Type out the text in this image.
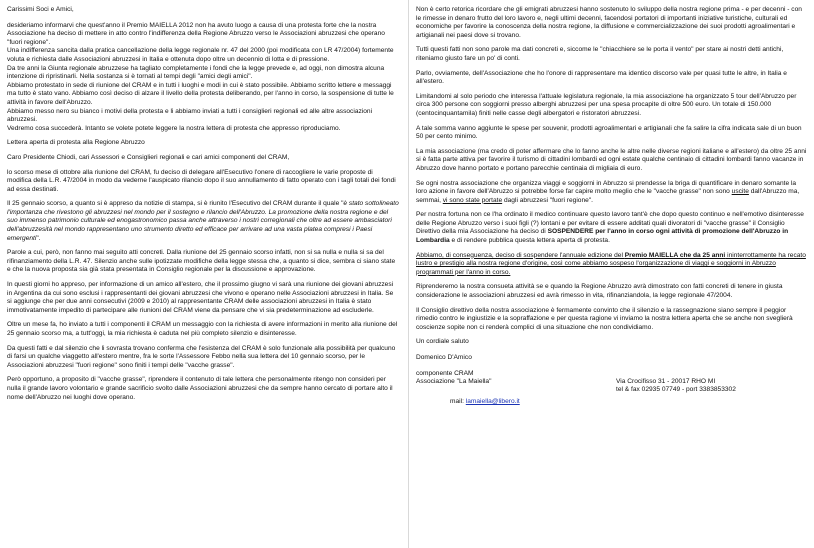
Carissimi Soci e Amici,

desideriamo informarvi che quest'anno il Premio MAIELLA 2012 non ha avuto luogo a causa di una protesta forte che la nostra Associazione ha deciso di mettere in atto contro l'indifferenza della Regione Abruzzo verso le Associazioni abruzzesi che operano "fuori regione".

Una indifferenza sancita dalla pratica cancellazione della legge regionale nr. 47 del 2000 (poi modificata con LR 47/2004) fortemente voluta e richiesta dalle Associazioni abruzzesi in Italia e ottenuta dopo oltre un decennio di lotta e di pressione.

Da tre anni la Giunta regionale abruzzese ha tagliato completamente i fondi che la legge prevede e, ad oggi, non dimostra alcuna intenzione di ripristinarli. Nella sostanza si è tornati al tempi degli "amici degli amici".

Abbiamo protestato in sede di riunione del CRAM e in tutti i luoghi e modi in cui è stato possibile. Abbiamo scritto lettere e messaggi ma tutto è stato vano. Abbiamo così deciso di alzare il livello della protesta deliberando, per l'anno in corso, la sospensione di tutte le attività in favore dell'Abruzzo.

Abbiamo messo nero su bianco i motivi della protesta e li abbiamo inviati a tutti i consiglieri regionali ed alle altre associazioni abruzzesi.

Vedremo cosa succederà. Intanto se volete potete leggere la nostra lettera di protesta che appresso riproduciamo.

Lettera aperta di protesta alla Regione Abruzzo

Caro Presidente Chiodi, cari Assessori e Consiglieri regionali e cari amici componenti del CRAM,

lo scorso mese di ottobre alla riunione del CRAM, fu deciso di delegare all'Esecutivo l'onere di raccogliere le varie proposte di modifica della L.R. 47/2004 in modo da vederne l'auspicato rilancio dopo il suo annullamento di fatto operato con i tagli totali dei fondi ad essa destinati.

Il 25 gennaio scorso, a quanto si è appreso da notizie di stampa, si è riunito l'Esecutivo del CRAM durante il quale "è stato sottolineato l'importanza che rivestono gli abruzzesi nel mondo per il sostegno e rilancio dell'Abruzzo. La promozione della nostra regione e del suo immenso patrimonio culturale ed enogastronomico passa anche attraverso i nostri corregionali che oltre ad essere ambasciatori dell'abruzzesità nel mondo rappresentano uno strumento diretto ed efficace per arrivare ad una vasta platea compresi i Paesi emergenti".

Parole a cui, però, non fanno mai seguito atti concreti. Dalla riunione del 25 gennaio scorso infatti, non si sa nulla e nulla si sa del rifinanziamento della L.R. 47. Silenzio anche sulle ipotizzate modifiche della legge stessa che, a quanto si dice, sembra ci siano state e che la nuova proposta sia già stata presentata in Consiglio regionale per la discussione e approvazione.

In questi giorni ho appreso, per informazione di un amico all'estero, che il prossimo giugno vi sarà una riunione dei giovani abruzzesi in Argentina da cui sono esclusi i rappresentanti dei giovani abruzzesi che vivono e operano nelle Associazioni abruzzesi in Italia. Se si aggiunge che per due anni consecutivi (2009 e 2010) al rappresentante CRAM delle associazioni abruzzesi in Italia è stato immotivatamente impedito di partecipare alle riunioni del CRAM viene da pensare che vi sia predeterminazione ad escluderle.

Oltre un mese fa, ho inviato a tutti i componenti il CRAM un messaggio con la richiesta di avere informazioni in merito alla riunione del 25 gennaio scorso ma, a tutt'oggi, la mia richiesta è caduta nel più completo silenzio e disinteresse.

Da questi fatti e dal silenzio che li sovrasta trovano conferma che l'esistenza del CRAM è solo funzionale alla possibilità per qualcuno di farsi un qualche viaggetto all'estero mentre, fra le sorte l'Assessore Febbo nella sua lettera del 10 gennaio scorso, per le Associazioni abruzzesi "fuori regione" sono finiti i tempi delle "vacche grasse".

Però opportuno, a proposito di "vacche grasse", riprendere il contenuto di tale lettera che personalmente ritengo non consideri per nulla il grande lavoro volontario e grande sacrificio svolto dalle Associazioni abruzzesi che da sempre hanno cercato di portare alto il nome dell'Abruzzo nei luoghi dove operano.

Non è certo retorica ricordare che gli emigrati abruzzesi hanno sostenuto lo sviluppo della nostra regione prima - e per decenni - con le rimesse in denaro frutto del loro lavoro e, negli ultimi decenni, facendosi portatori di importanti iniziative turistiche, culturali ed economiche per favorire la conoscenza della nostra regione, la diffusione e commercializzazione dei suoi prodotti agroalimentari e artigianali nei paesi dove si trovano.

Tutti questi fatti non sono parole ma dati concreti e, siccome le "chiacchiere se le porta il vento" per stare ai nostri detti antichi, riteniamo giusto fare un po' di conti.

Parlo, ovviamente, dell'Associazione che ho l'onore di rappresentare ma identico discorso vale per quasi tutte le altre, in Italia e all'estero.

Limitandomi al solo periodo che interessa l'attuale legislatura regionale, la mia associazione ha organizzato 5 tour dell'Abruzzo per circa 300 persone con soggiorni presso alberghi abruzzesi per una spesa procapite di oltre 500 euro. Un totale di 150.000 (centocinquantamila) finiti nelle casse degli albergatori e ristoratori abruzzesi.

A tale somma vanno aggiunte le spese per souvenir, prodotti agroalimentari e artigianali che fa salire la cifra indicata sale di un buon 50 per cento minimo.

La mia associazione (ma credo di poter affermare che lo fanno anche le altre nelle diverse regioni italiane e all'estero) da oltre 25 anni si è fatta parte attiva per favorire il turismo di cittadini lombardi ed ogni estate qualche centinaio di cittadini lombardi fanno vacanze in Abruzzo dove hanno portato e portano parecchie centinaia di migliaia di euro.

Se ogni nostra associazione che organizza viaggi e soggiorni in Abruzzo si prendesse la briga di quantificare in denaro somante la loro azione in favore dell'Abruzzo si potrebbe forse far capire molto meglio che le "vacche grasse" non sono uscite dall'Abruzzo ma, semmai, vi sono state portate dagli abruzzesi "fuori regione".

Per nostra fortuna non ce l'ha ordinato il medico continuare questo lavoro tant'è che dopo questo continuo e nell'emotivo disinteresse delle Regione Abruzzo verso i suoi figli (?) lontani e per evitare di essere additati quali divoratori di "vacche grasse" il Consiglio Direttivo della mia Associazione ha deciso di SOSPENDERE per l'anno in corso ogni attività di promozione dell'Abruzzo in Lombardia e di rendere pubblica questa lettera aperta di protesta.

Abbiamo, di conseguenza, deciso di sospendere l'annuale edizione del Premio MAIELLA che da 25 anni ininterrottamente ha recato lustro e prestigio alla nostra regione d'origine, così come abbiamo sospeso l'organizzazione di viaggi e soggiorni in Abruzzo programmati per l'anno in corso.

Riprenderemo la nostra consueta attività se e quando la Regione Abruzzo avrà dimostrato con fatti concreti di tenere in giusta considerazione le associazioni abruzzesi ed avrà rimesso in vita, rifinanziandola, la legge regionale 47/2004.

Il Consiglio direttivo della nostra associazione è fermamente convinto che il silenzio e la rassegnazione siano sempre il peggior rimedio contro le ingiustizie e la sopraffazione e per questa ragione vi inviamo la nostra lettera aperta che se anche non sveglierà coscienze sopite non ci renderà complici di una situazione che non condividiamo.

Un cordiale saluto

Domenico D'Amico

componente CRAM
Associazione "La Maiella"	Via Crocifisso 31 - 20017 RHO MI
tel & fax 02935 07749 - port 3383853302
mail: lamaiella@libero.it
